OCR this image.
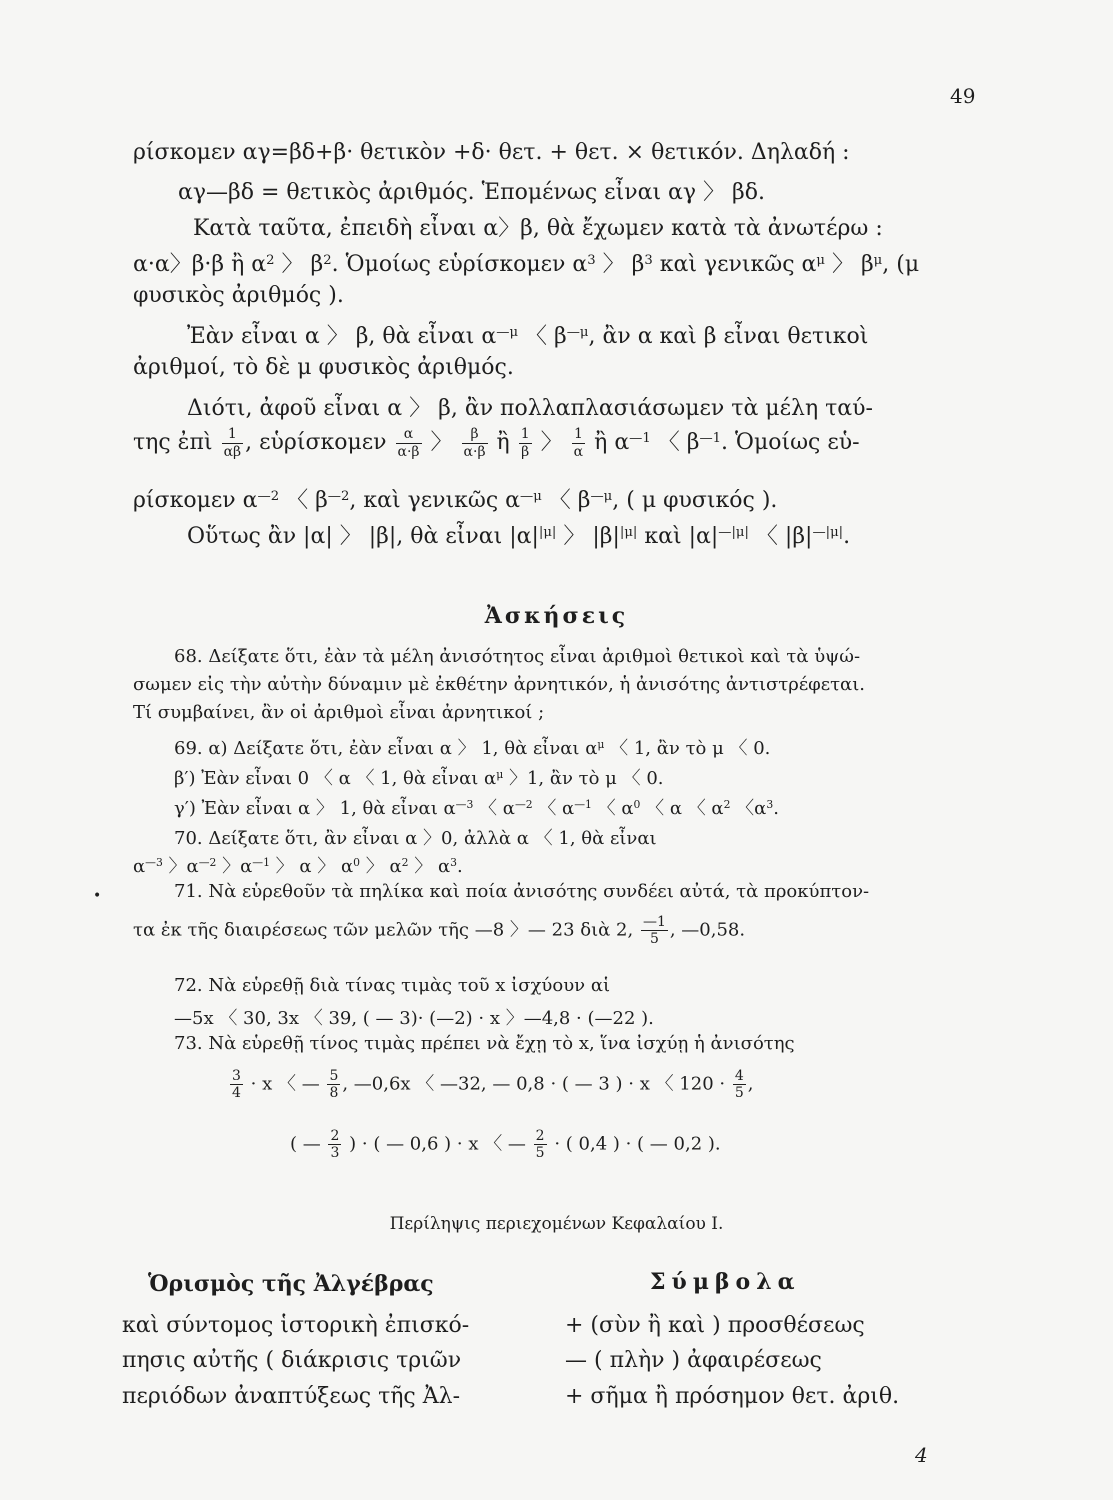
49
ρίσκομεν αγ=βδ+β· θετικὸν +δ· θετ. + θετ. × θετικόν. Δηλαδή :
αγ—βδ = θετικὸς ἀριθμός. Ἑπομένως εἶναι αγ 〉 βδ.
Κατὰ ταῦτα, ἐπειδὴ εἶναι α〉β, θὰ ἔχωμεν κατὰ τὰ ἀνωτέρω :
α·α〉β·β ἢ $\alpha^2$ 〉 $\beta^2$. Ὁμοίως εὑρίσκομεν $\alpha^3$ 〉 $\beta^3$ καὶ γενικῶς $\alpha^\mu$ 〉 $\beta^\mu$, (μ
φυσικὸς ἀριθμός ).
Ἐὰν εἶναι α 〉 β, θὰ εἶναι $\alpha^{—\mu}$ 〈 $\beta^{—\mu}$, ἂν α καὶ β εἶναι θετικοὶ
ἀριθμοί, τὸ δὲ μ φυσικὸς ἀριθμός.
Διότι, ἀφοῦ εἶναι α 〉 β, ἂν πολλαπλασιάσωμεν τὰ μέλη ταύ-
της ἐπὶ $\frac{1}{\alpha\beta}$ , εὑρίσκομεν $\frac{\alpha}{\alpha\cdot\beta}$ 〉 $\frac{\beta}{\alpha\cdot\beta}$ ἢ $\frac{1}{\beta}$ 〉 $\frac{1}{\alpha}$ ἢ $\alpha^{—1}$ 〈 $\beta^{—1}$. Ὁμοίως εὑ-
ρίσκομεν $\alpha^{—2}$ 〈 $\beta^{—2}$, καὶ γενικῶς $\alpha^{—\mu}$ 〈 $\beta^{—\mu}$, ( μ φυσικός ).
Οὕτως ἂν |α| 〉 |β|, θὰ εἶναι $|\alpha|^{|\mu|}$ 〉 $|\beta|^{|\mu|}$ καὶ $|\alpha|^{—|\mu|}$ 〈 $|\beta|^{—|\mu|}$.
Ἀσκήσεις
68. Δείξατε ὅτι, ἐὰν τὰ μέλη ἀνισότητος εἶναι ἀριθμοὶ θετικοὶ καὶ τὰ ὑψώ-
σωμεν εἰς τὴν αὐτὴν δύναμιν μὲ ἐκθέτην ἀρνητικόν, ἡ ἀνισότης ἀντιστρέφεται.
Τί συμβαίνει, ἂν οἱ ἀριθμοὶ εἶναι ἀρνητικοί ;
69. α) Δείξατε ὅτι, ἐὰν εἶναι α 〉 1, θὰ εἶναι $\alpha^\mu$ 〈 1, ἂν τὸ μ 〈 0.
β′) Ἐὰν εἶναι 0 〈 α 〈 1, θὰ εἶναι $\alpha^\mu$ 〉1, ἂν τὸ μ 〈 0.
γ′) Ἐὰν εἶναι α 〉 1, θὰ εἶναι $\alpha^{—3}$ 〈 $\alpha^{—2}$ 〈 $\alpha^{—1}$ 〈 $\alpha^0$ 〈 α 〈 $\alpha^2$ 〈$\alpha^3$.
70. Δείξατε ὅτι, ἂν εἶναι α 〉0, ἀλλὰ α 〈 1, θὰ εἶναι
$\alpha^{—3}$ 〉$\alpha^{—2}$ 〉$\alpha^{—1}$ 〉 α 〉 $\alpha^0$ 〉 $\alpha^2$ 〉 $\alpha^3$.
71. Νὰ εὑρεθοῦν τὰ πηλίκα καὶ ποία ἀνισότης συνδέει αὐτά, τὰ προκύπτον-
τα ἐκ τῆς διαιρέσεως τῶν μελῶν τῆς —8 〉— 23 διὰ 2, $\frac{—1}{5}$ , —0,58.
•
72. Νὰ εὑρεθῇ διὰ τίνας τιμὰς τοῦ x ἰσχύουν αἱ
—5x 〈 30, 3x 〈 39, ( — 3)· (—2) · x 〉—4,8 · (—22 ).
73. Νὰ εὑρεθῇ τίνος τιμὰς πρέπει νὰ ἔχῃ τὸ x, ἵνα ἰσχύῃ ἡ ἀνισότης
$\frac{3}{4} \cdot x$ 〈 — $\frac{5}{8}$ , —0,6x 〈 —32, — 0,8 · ( — 3 ) · x 〈 $120 \cdot \frac{4}{5}$ ,
( — $\frac{2}{3}$ ) · ( — 0,6 ) · x 〈 — $\frac{2}{5}$ · ( 0,4 ) · ( — 0,2 ).
Περίληψις περιεχομένων Κεφαλαίου Ι.
Ὁρισμὸς τῆς Ἀλγέβρας
καὶ σύντομος ἱστορικὴ ἐπισκό-
πησις αὐτῆς ( διάκρισις τριῶν
περιόδων ἀναπτύξεως τῆς Ἀλ-
Σύμβολα
+ (σὺν ἢ καὶ ) προσθέσεως
— ( πλὴν ) ἀφαιρέσεως
+ σῆμα ἢ πρόσημον θετ. ἀριθ.
4
